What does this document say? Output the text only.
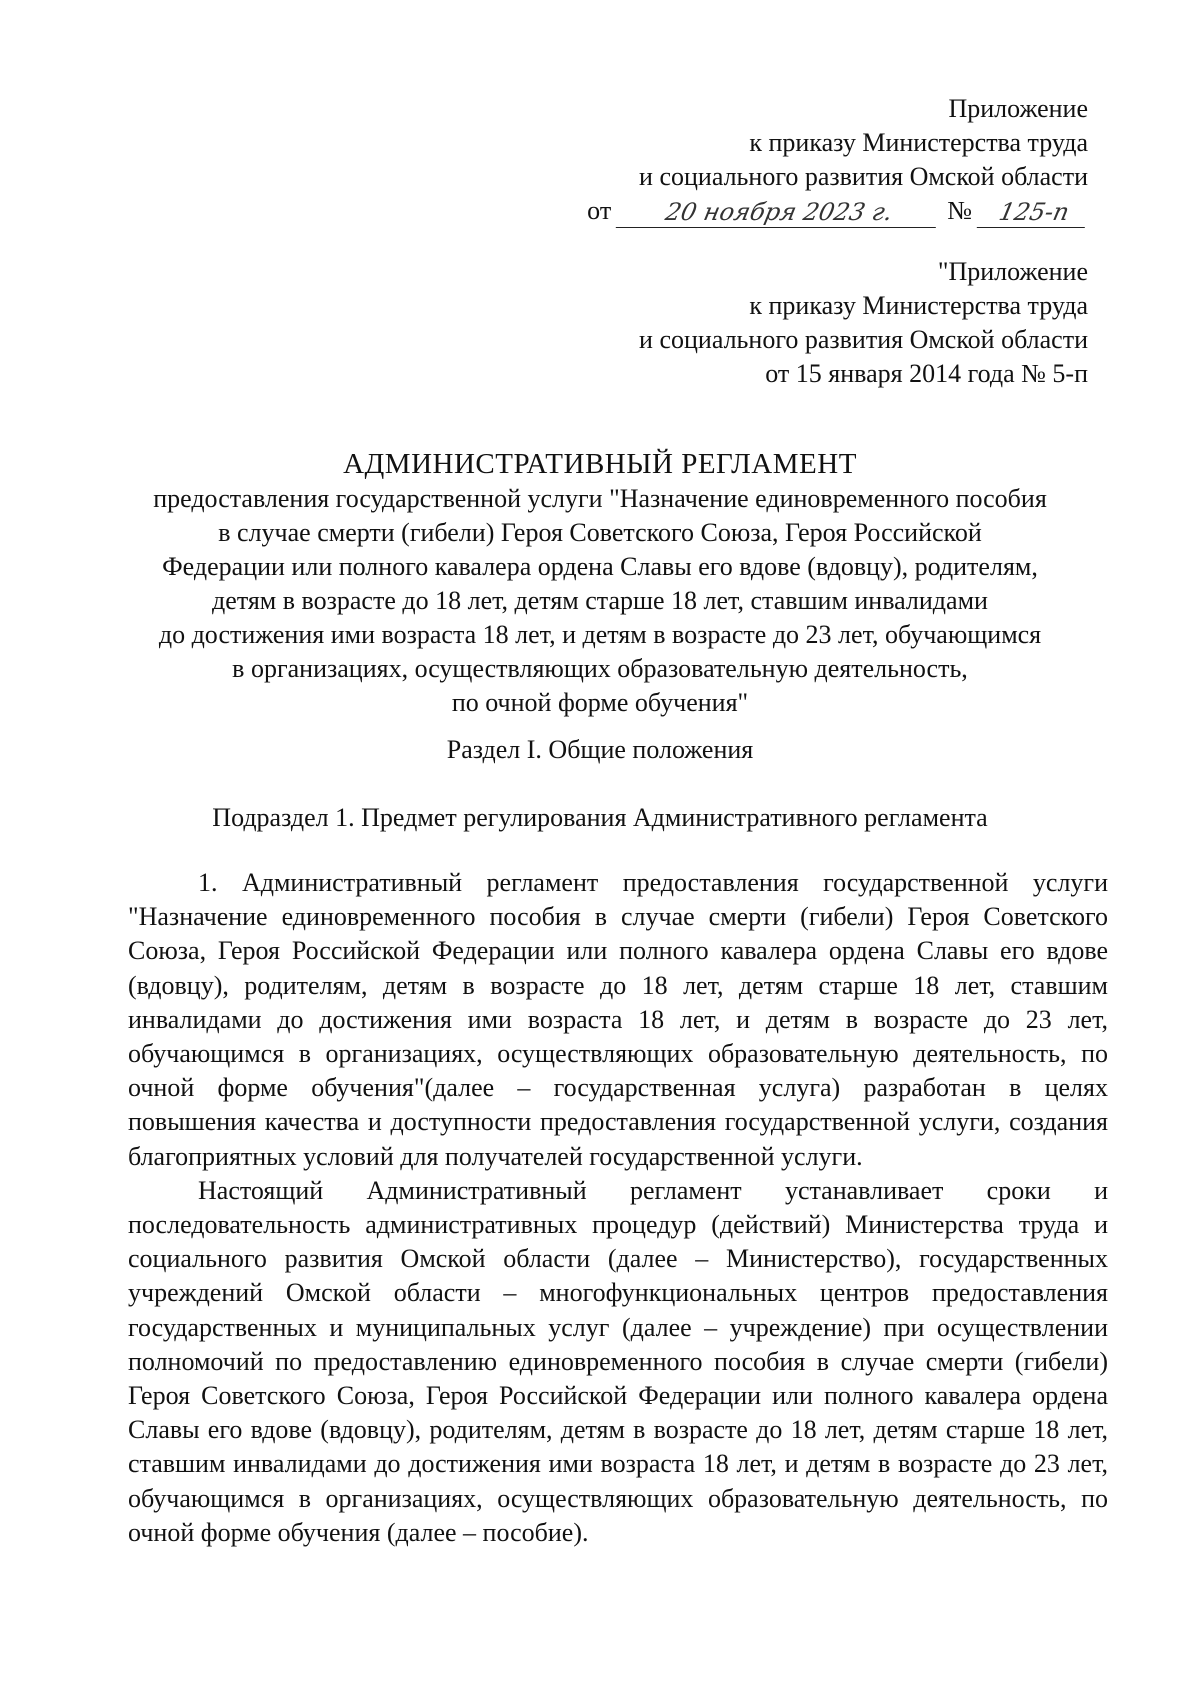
Приложение
к приказу Министерства труда
и социального развития Омской области
от	20 ноября 2023 г.	№	125-п
"Приложение
к приказу Министерства труда
и социального развития Омской области
от 15 января 2014 года № 5-п
АДМИНИСТРАТИВНЫЙ РЕГЛАМЕНТ
предоставления государственной услуги "Назначение единовременного пособия
в случае смерти (гибели) Героя Советского Союза, Героя Российской
Федерации или полного кавалера ордена Славы его вдове (вдовцу), родителям,
детям в возрасте до 18 лет, детям старше 18 лет, ставшим инвалидами
до достижения ими возраста 18 лет, и детям в возрасте до 23 лет, обучающимся
в организациях, осуществляющих образовательную деятельность,
по очной форме обучения"
Раздел I. Общие положения
Подраздел 1. Предмет регулирования Административного регламента

1. Административный регламент предоставления государственной услуги "Назначение единовременного пособия в случае смерти (гибели) Героя Советского Союза, Героя Российской Федерации или полного кавалера ордена Славы его вдове (вдовцу), родителям, детям в возрасте до 18 лет, детям старше 18 лет, ставшим инвалидами до достижения ими возраста 18 лет, и детям в возрасте до 23 лет, обучающимся в организациях, осуществляющих образовательную деятельность, по очной форме обучения"(далее – государственная услуга) разработан в целях повышения качества и доступности предоставления государственной услуги, создания благоприятных условий для получателей государственной услуги.

Настоящий Административный регламент устанавливает сроки и последовательность административных процедур (действий) Министерства труда и социального развития Омской области (далее – Министерство), государственных учреждений Омской области – многофункциональных центров предоставления государственных и муниципальных услуг (далее – учреждение) при осуществлении полномочий по предоставлению единовременного пособия в случае смерти (гибели) Героя Советского Союза, Героя Российской Федерации или полного кавалера ордена Славы его вдове (вдовцу), родителям, детям в возрасте до 18 лет, детям старше 18 лет, ставшим инвалидами до достижения ими возраста 18 лет, и детям в возрасте до 23 лет, обучающимся в организациях, осуществляющих образовательную деятельность, по очной форме обучения (далее – пособие).
